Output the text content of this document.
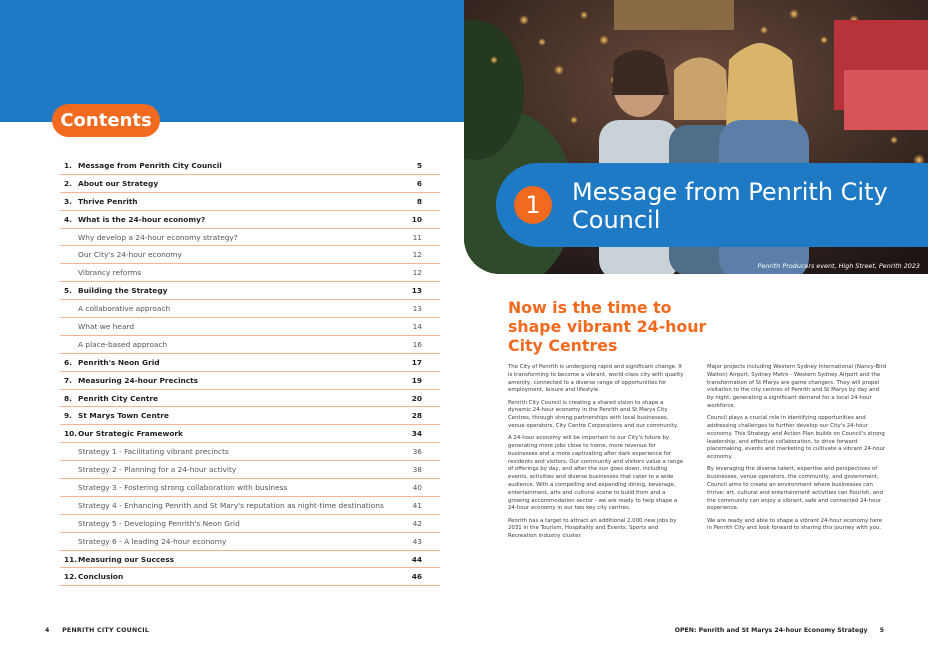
Contents
1. Message from Penrith City Council	5
2. About our Strategy	6
3. Thrive Penrith	8
4. What is the 24-hour economy?	10
Why develop a 24-hour economy strategy?	11
Our City's 24-hour economy	12
Vibrancy reforms	12
5. Building the Strategy	13
A collaborative approach	13
What we heard	14
A place-based approach	16
6. Penrith's Neon Grid	17
7. Measuring 24-hour Precincts	19
8. Penrith City Centre	20
9. St Marys Town Centre	28
10. Our Strategic Framework	34
Strategy 1 - Facilitating vibrant precincts	36
Strategy 2 - Planning for a 24-hour activity	38
Strategy 3 - Fostering strong collaboration with business	40
Strategy 4 - Enhancing Penrith and St Mary's reputation as night-time destinations	41
Strategy 5 - Developing Penrith's Neon Grid	42
Strategy 6 - A leading 24-hour economy	43
11. Measuring our Success	44
12. Conclusion	46
4 PENRITH CITY COUNCIL
1	Message from Penrith City Council
Penrith Producers event, High Street, Penrith 2023
Now is the time to shape vibrant 24-hour City Centres

The City of Penrith is undergoing rapid and significant change. It is transforming to become a vibrant, world-class city with quality amenity, connected to a diverse range of opportunities for employment, leisure and lifestyle.

Penrith City Council is creating a shared vision to shape a dynamic 24-hour economy in the Penrith and St Marys City Centres, through strong partnerships with local businesses, venue operators, City Centre Corporations and our community.

A 24-hour economy will be important to our City's future by generating more jobs close to home, more revenue for businesses and a more captivating after dark experience for residents and visitors. Our community and visitors value a range of offerings by day, and after the sun goes down, including events, activities and diverse businesses that cater to a wide audience. With a compelling and expanding dining, beverage, entertainment, arts and cultural scene to build from and a growing accommodation sector - we are ready to help shape a 24-hour economy in our two key city centres.

Penrith has a target to attract an additional 2,000 new jobs by 2031 in the Tourism, Hospitality and Events, Sports and Recreation industry cluster.

Major projects including Western Sydney International (Nancy-Bird Walton) Airport, Sydney Metro - Western Sydney Airport and the transformation of St Marys are game changers. They will propel visitation to the city centres of Penrith and St Marys by day and by night, generating a significant demand for a local 24-hour workforce.

Council plays a crucial role in identifying opportunities and addressing challenges to further develop our City's 24-hour economy. This Strategy and Action Plan builds on Council's strong leadership, and effective collaboration, to drive forward placemaking, events and marketing to cultivate a vibrant 24-hour economy.

By leveraging the diverse talent, expertise and perspectives of businesses, venue operators, the community, and government, Council aims to create an environment where businesses can thrive; art, cultural and entertainment activities can flourish, and the community can enjoy a vibrant, safe and connected 24-hour experience.

We are ready and able to shape a vibrant 24-hour economy here in Penrith City and look forward to sharing this journey with you.

OPEN: Penrith and St Marys 24-hour Economy Strategy 5
